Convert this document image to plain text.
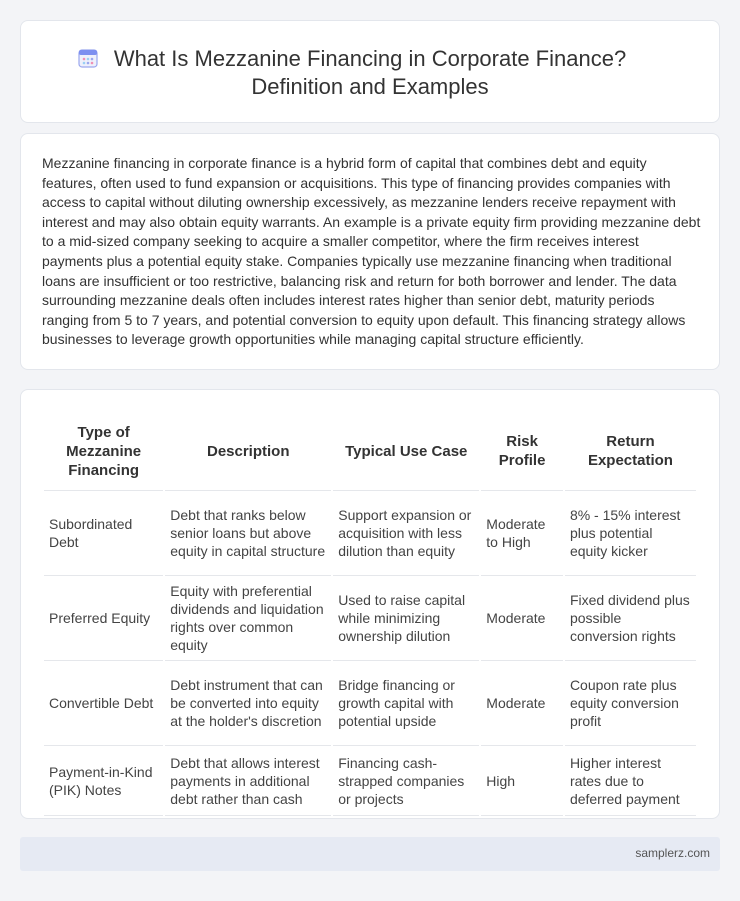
What Is Mezzanine Financing in Corporate Finance? Definition and Examples

Mezzanine financing in corporate finance is a hybrid form of capital that combines debt and equity features, often used to fund expansion or acquisitions. This type of financing provides companies with access to capital without diluting ownership excessively, as mezzanine lenders receive repayment with interest and may also obtain equity warrants. An example is a private equity firm providing mezzanine debt to a mid-sized company seeking to acquire a smaller competitor, where the firm receives interest payments plus a potential equity stake. Companies typically use mezzanine financing when traditional loans are insufficient or too restrictive, balancing risk and return for both borrower and lender. The data surrounding mezzanine deals often includes interest rates higher than senior debt, maturity periods ranging from 5 to 7 years, and potential conversion to equity upon default. This financing strategy allows businesses to leverage growth opportunities while managing capital structure efficiently.

Type of Mezzanine Financing	Description	Typical Use Case	Risk Profile	Return Expectation
Subordinated Debt	Debt that ranks below senior loans but above equity in capital structure	Support expansion or acquisition with less dilution than equity	Moderate to High	8% - 15% interest plus potential equity kicker
Preferred Equity	Equity with preferential dividends and liquidation rights over common equity	Used to raise capital while minimizing ownership dilution	Moderate	Fixed dividend plus possible conversion rights
Convertible Debt	Debt instrument that can be converted into equity at the holder's discretion	Bridge financing or growth capital with potential upside	Moderate	Coupon rate plus equity conversion profit
Payment-in-Kind (PIK) Notes	Debt that allows interest payments in additional debt rather than cash	Financing cash-strapped companies or projects	High	Higher interest rates due to deferred payment
samplerz.com
